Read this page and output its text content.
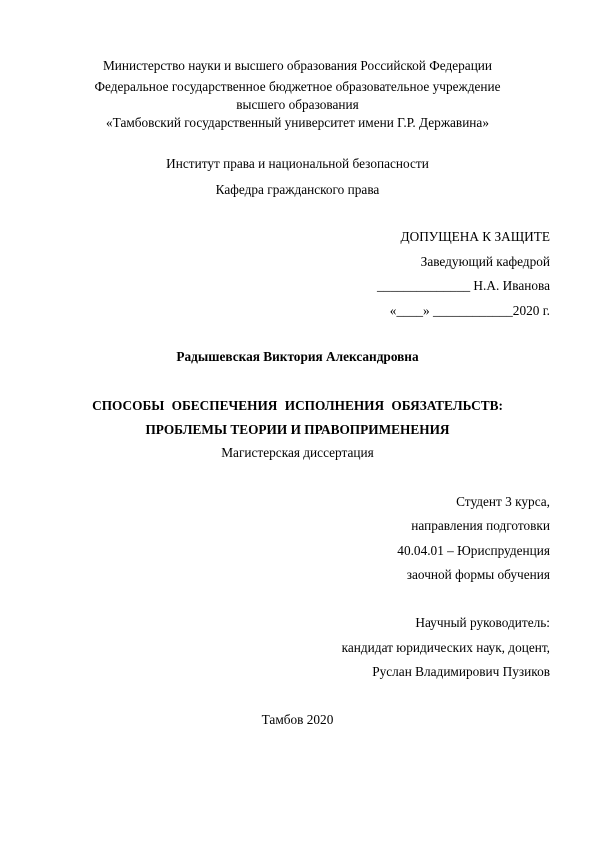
Министерство науки и высшего образования Российской Федерации
Федеральное государственное бюджетное образовательное учреждение
высшего образования
«Тамбовский государственный университет имени Г.Р. Державина»
Институт права и национальной безопасности
Кафедра гражданского права
ДОПУЩЕНА К ЗАЩИТЕ
Заведующий кафедрой
______________ Н.А. Иванова
«____» ____________2020 г.
Радышевская Виктория Александровна
СПОСОБЫ ОБЕСПЕЧЕНИЯ ИСПОЛНЕНИЯ ОБЯЗАТЕЛЬСТВ:
ПРОБЛЕМЫ ТЕОРИИ И ПРАВОПРИМЕНЕНИЯ
Магистерская диссертация
Студент 3 курса,
направления подготовки
40.04.01 – Юриспруденция
заочной формы обучения
Научный руководитель:
кандидат юридических наук, доцент,
Руслан Владимирович Пузиков
Тамбов 2020
